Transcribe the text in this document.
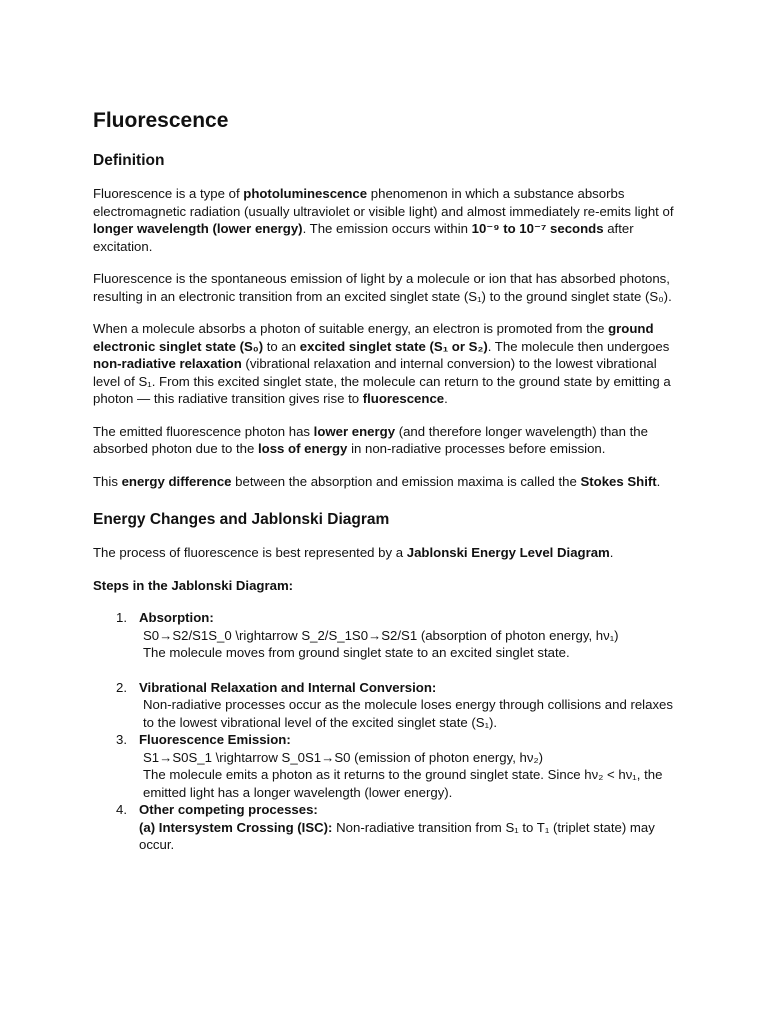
Fluorescence
Definition

Fluorescence is a type of photoluminescence phenomenon in which a substance absorbs electromagnetic radiation (usually ultraviolet or visible light) and almost immediately re-emits light of longer wavelength (lower energy). The emission occurs within 10⁻⁹ to 10⁻⁷ seconds after excitation.

Fluorescence is the spontaneous emission of light by a molecule or ion that has absorbed photons, resulting in an electronic transition from an excited singlet state (S₁) to the ground singlet state (S₀).

When a molecule absorbs a photon of suitable energy, an electron is promoted from the ground electronic singlet state (S₀) to an excited singlet state (S₁ or S₂). The molecule then undergoes non-radiative relaxation (vibrational relaxation and internal conversion) to the lowest vibrational level of S₁. From this excited singlet state, the molecule can return to the ground state by emitting a photon — this radiative transition gives rise to fluorescence.

The emitted fluorescence photon has lower energy (and therefore longer wavelength) than the absorbed photon due to the loss of energy in non-radiative processes before emission.

This energy difference between the absorption and emission maxima is called the Stokes Shift.

Energy Changes and Jablonski Diagram

The process of fluorescence is best represented by a Jablonski Energy Level Diagram.

Steps in the Jablonski Diagram:

1. Absorption:
S0→S2/S1S_0 \rightarrow S_2/S_1S0→S2/S1 (absorption of photon energy, hν₁)
The molecule moves from ground singlet state to an excited singlet state.
2. Vibrational Relaxation and Internal Conversion:
Non-radiative processes occur as the molecule loses energy through collisions and relaxes to the lowest vibrational level of the excited singlet state (S₁).
3. Fluorescence Emission:
S1→S0S_1 \rightarrow S_0S1→S0 (emission of photon energy, hν₂)
The molecule emits a photon as it returns to the ground singlet state. Since hν₂ < hν₁, the emitted light has a longer wavelength (lower energy).
4. Other competing processes:
(a) Intersystem Crossing (ISC): Non-radiative transition from S₁ to T₁ (triplet state) may occur.
